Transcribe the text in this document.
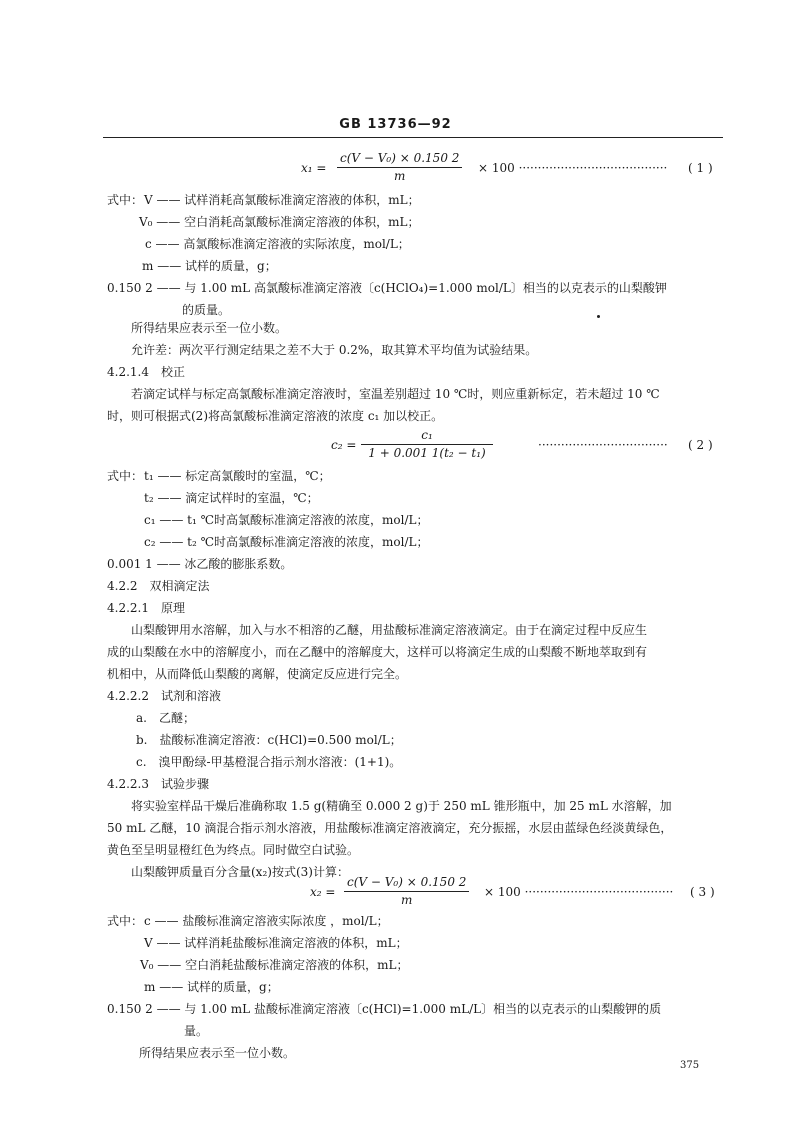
GB 13736—92
$x_1 = \frac{\text{c(V − V₀) × 0.150 2}}{m} \times 100$ ······································· ( 1 )
式中： V —— 试样消耗高氯酸标准滴定溶液的体积，mL；
V₀ —— 空白消耗高氯酸标准滴定溶液的体积，mL；
c —— 高氯酸标准滴定溶液的实际浓度，mol/L；
m —— 试样的质量，g；
0.150 2 —— 与 1.00 mL 高氯酸标准滴定溶液〔c(HClO₄)=1.000 mol/L〕相当的以克表示的山梨酸钾
的质量。
所得结果应表示至一位小数。
允许差：两次平行测定结果之差不大于 0.2%，取其算术平均值为试验结果。
4.2.1.4　校正
若滴定试样与标定高氯酸标准滴定溶液时，室温差别超过 10 ℃时，则应重新标定，若未超过 10 ℃
时，则可根据式(2)将高氯酸标准滴定溶液的浓度 c₁ 加以校正。
$c_2 = \frac{\text{c₁}}{\text{1 + 0.001 1(t₂ − t₁)}}$	·································· ( 2 )
式中： t₁ —— 标定高氯酸时的室温，℃；
t₂ —— 滴定试样时的室温，℃；
c₁ —— t₁ ℃时高氯酸标准滴定溶液的浓度，mol/L；
c₂ —— t₂ ℃时高氯酸标准滴定溶液的浓度，mol/L；
0.001 1 —— 冰乙酸的膨胀系数。
4.2.2　双相滴定法
4.2.2.1　原理
山梨酸钾用水溶解，加入与水不相溶的乙醚，用盐酸标准滴定溶液滴定。由于在滴定过程中反应生
成的山梨酸在水中的溶解度小，而在乙醚中的溶解度大，这样可以将滴定生成的山梨酸不断地萃取到有
机相中，从而降低山梨酸的离解，使滴定反应进行完全。
4.2.2.2　试剂和溶液
a.　乙醚；
b.　盐酸标准滴定溶液：c(HCl)=0.500 mol/L；
c.　溴甲酚绿-甲基橙混合指示剂水溶液：(1+1)。
4.2.2.3　试验步骤
将实验室样品干燥后准确称取 1.5 g(精确至 0.000 2 g)于 250 mL 锥形瓶中，加 25 mL 水溶解，加
50 mL 乙醚，10 滴混合指示剂水溶液，用盐酸标准滴定溶液滴定，充分振摇，水层由蓝绿色经淡黄绿色，
黄色至呈明显橙红色为终点。同时做空白试验。
山梨酸钾质量百分含量(x₂)按式(3)计算：
$x_2 = \frac{\text{c(V − V₀) × 0.150 2}}{m} \times 100$ ······································· ( 3 )
式中： c —— 盐酸标准滴定溶液实际浓度 ，mol/L；
V —— 试样消耗盐酸标准滴定溶液的体积，mL；
V₀ —— 空白消耗盐酸标准滴定溶液的体积，mL；
m —— 试样的质量，g；
0.150 2 —— 与 1.00 mL 盐酸标准滴定溶液〔c(HCl)=1.000 mL/L〕相当的以克表示的山梨酸钾的质
量。
所得结果应表示至一位小数。
375
